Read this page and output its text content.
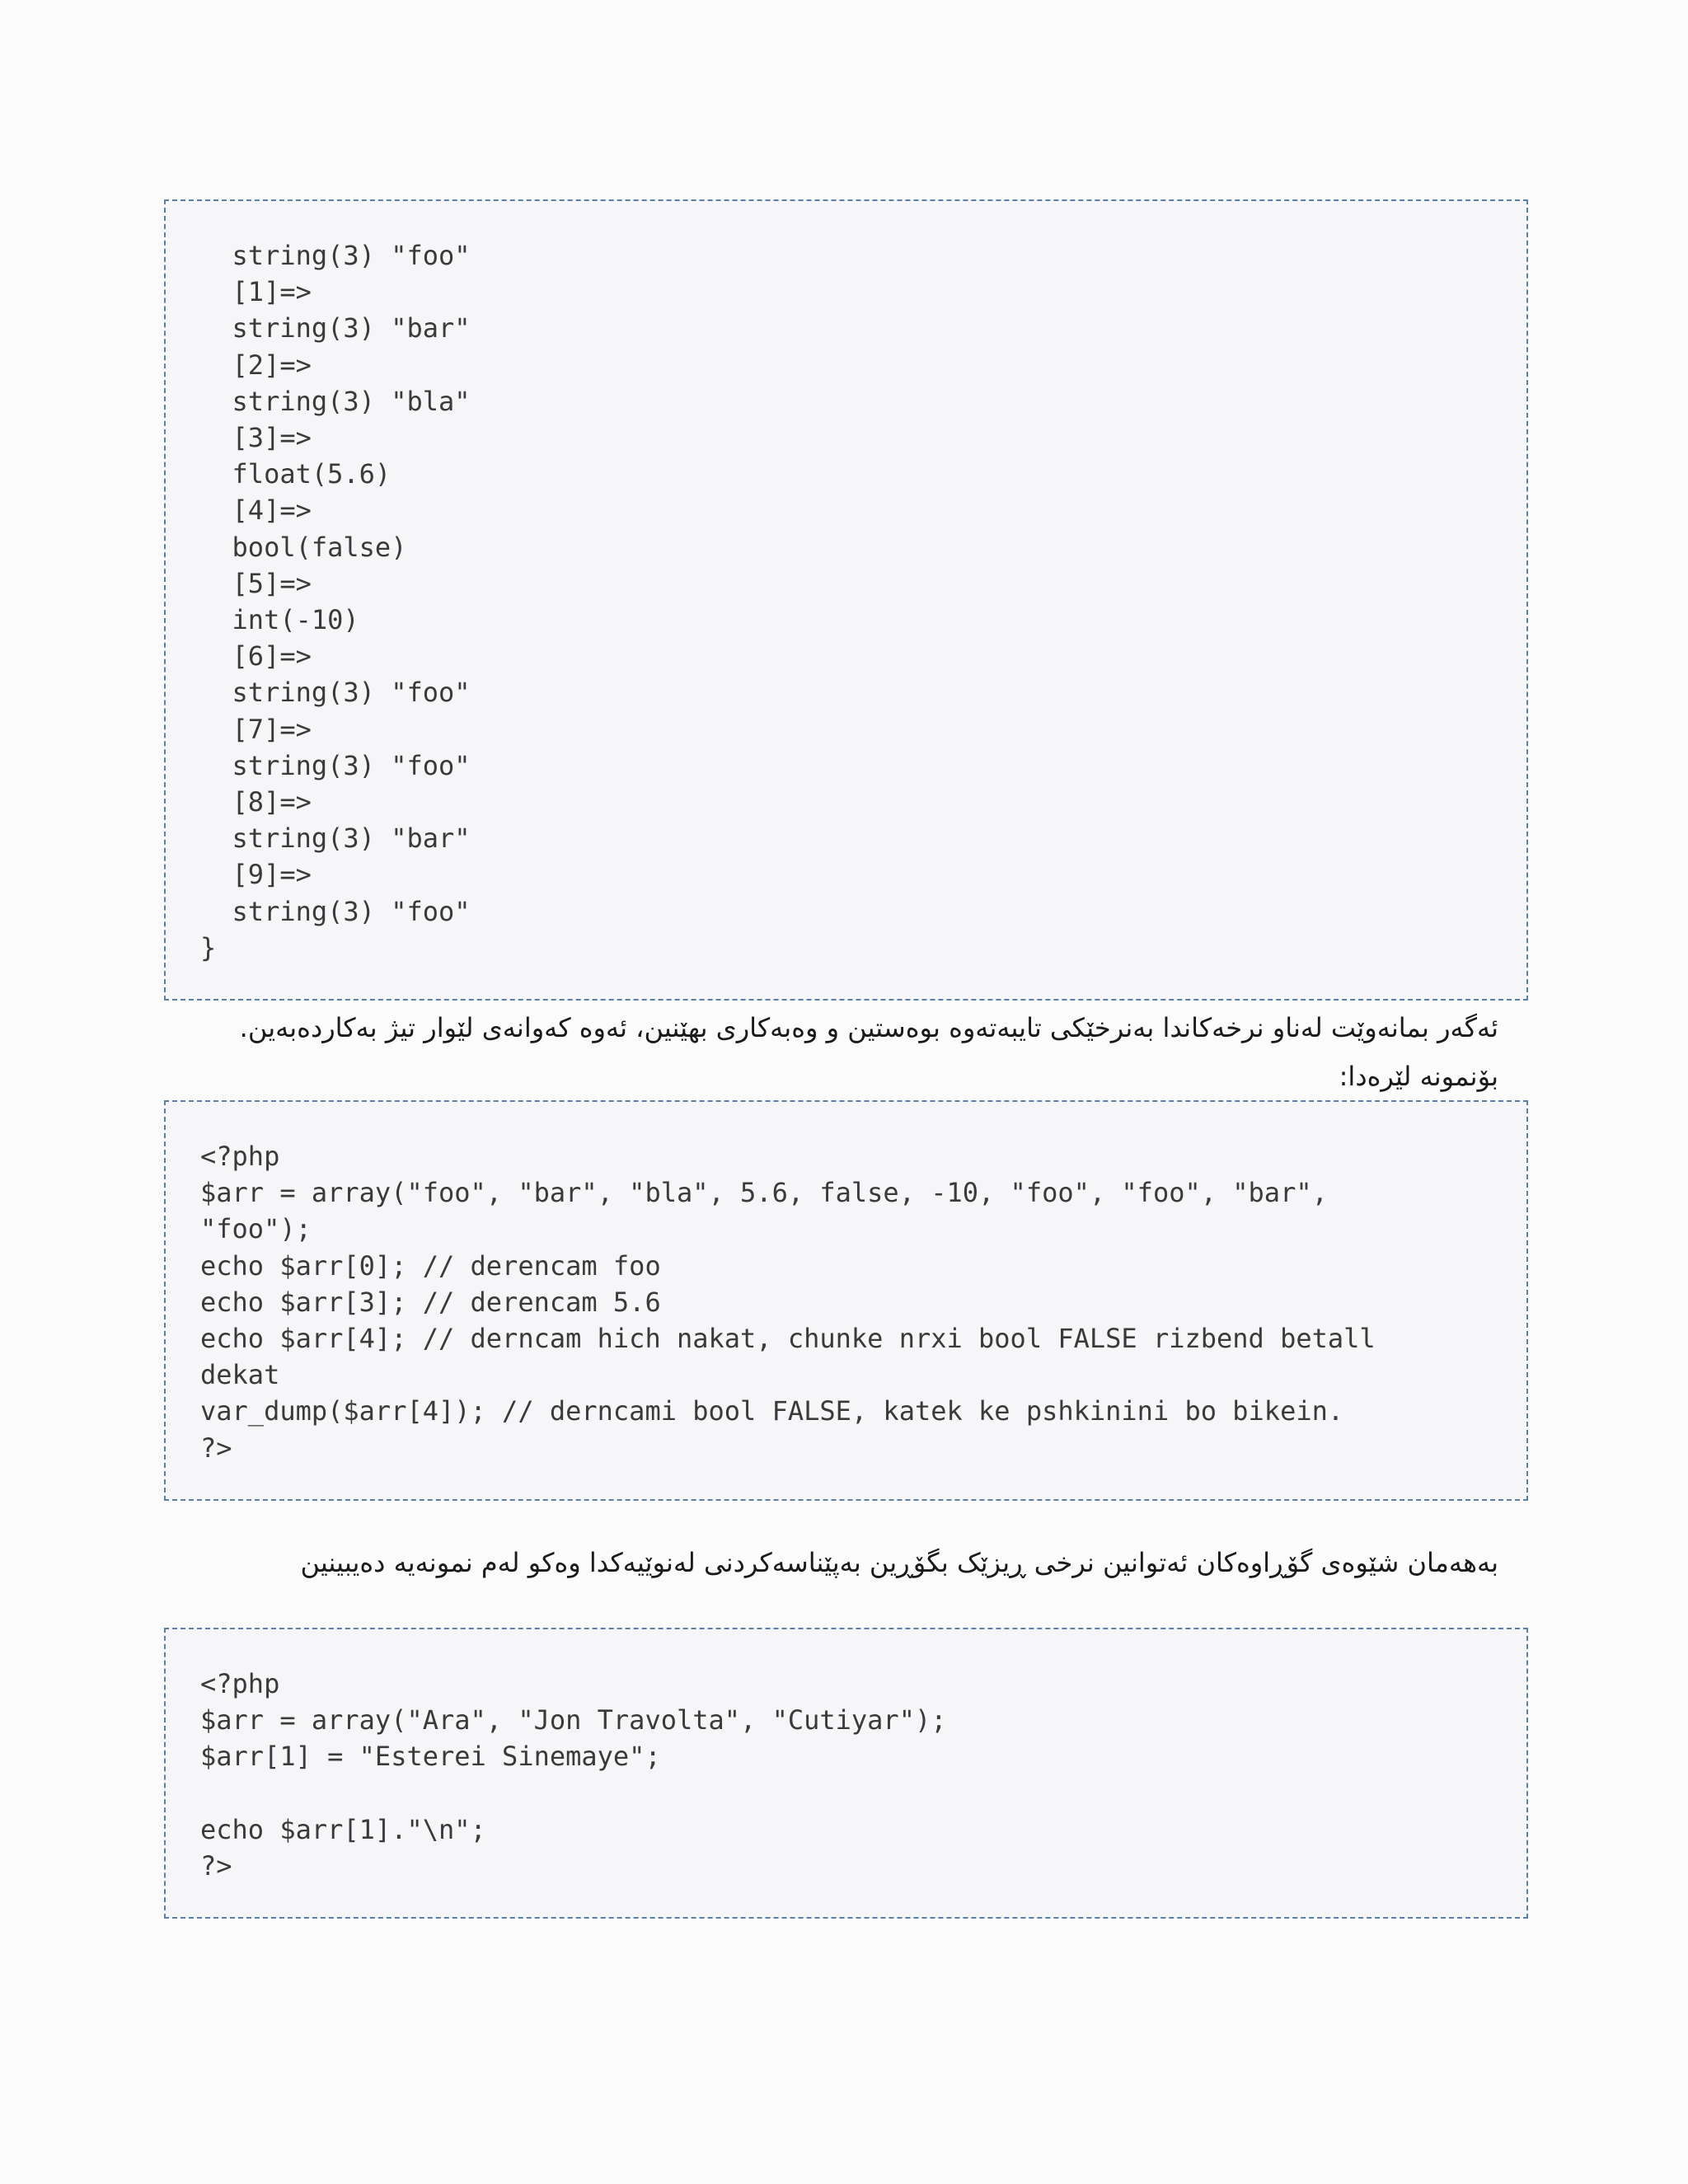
string(3) "foo"
[1]=>
string(3) "bar"
[2]=>
string(3) "bla"
[3]=>
float(5.6)
[4]=>
bool(false)
[5]=>
int(-10)
[6]=>
string(3) "foo"
[7]=>
string(3) "foo"
[8]=>
string(3) "bar"
[9]=>
string(3) "foo"
}
ئەگەر بمانەوێت لەناو نرخەکاندا بەنرخێکی تایبەتەوە بوەستین و وەبەکاری بهێنین، ئەوە کەوانەی لێوار تیژ بەکاردەبەین.
بۆنمونە لێرەدا:
<?php
$arr = array("foo", "bar", "bla", 5.6, false, -10, "foo", "foo", "bar",
"foo");
echo $arr[0]; // derencam foo
echo $arr[3]; // derencam 5.6
echo $arr[4]; // derncam hich nakat, chunke nrxi bool FALSE rizbend betall
dekat
var_dump($arr[4]); // derncami bool FALSE, katek ke pshkinini bo bikein.
?>
بەهەمان شێوەی گۆڕاوەکان ئەتوانین نرخی ڕیزێک بگۆڕین بەپێناسەکردنی لەنوێیەکدا وەکو لەم نمونەیە دەیبینین
<?php
$arr = array("Ara", "Jon Travolta", "Cutiyar");
$arr[1] = "Esterei Sinemaye";

echo $arr[1]."\n";
?>
